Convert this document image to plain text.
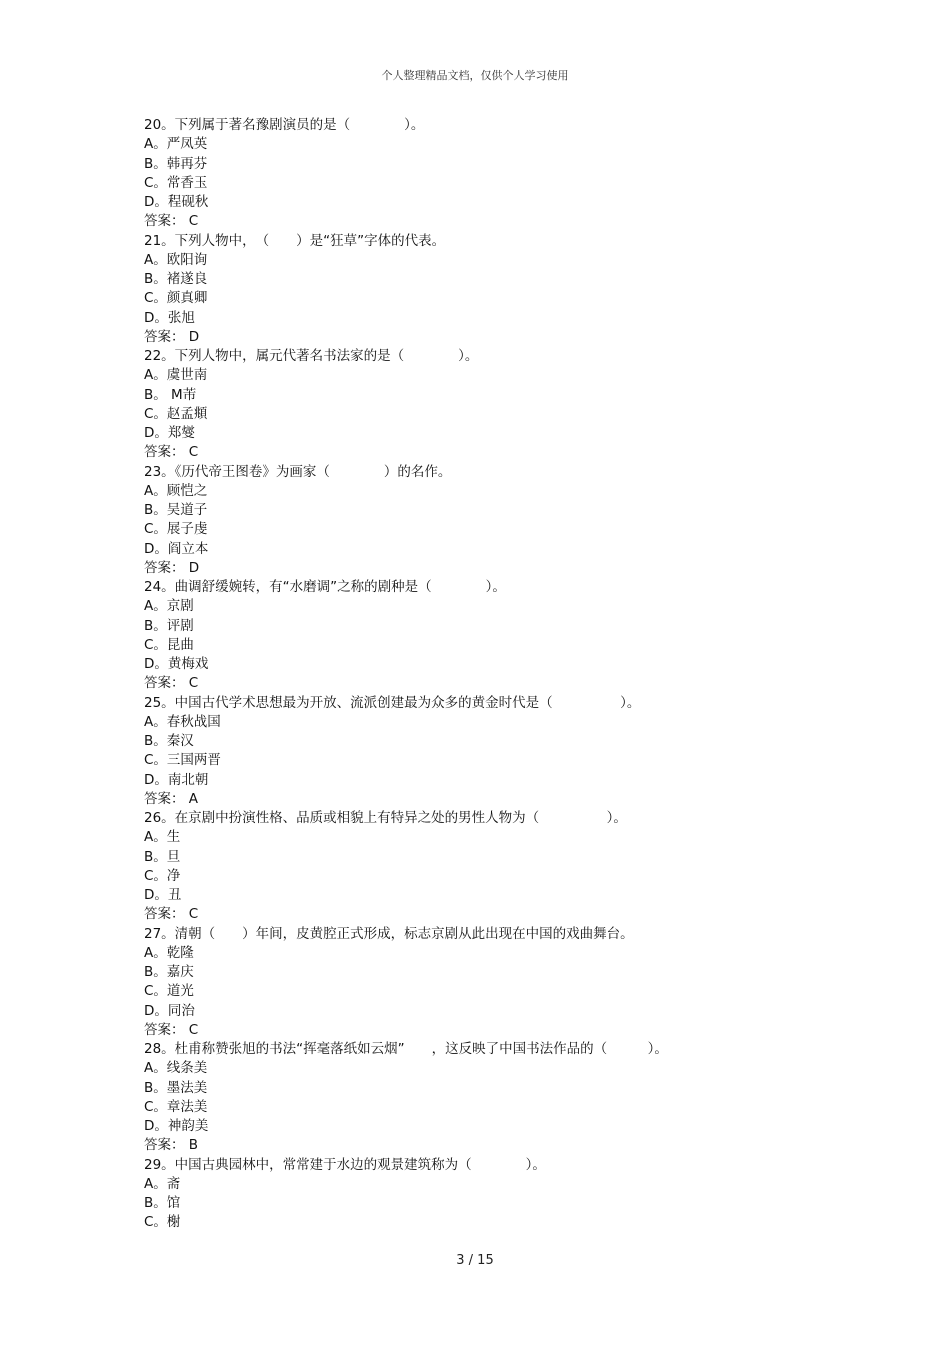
个人整理精品文档，仅供个人学习使用
20。下列属于著名豫剧演员的是（　　　　）。
A。严凤英
B。韩再芬
C。常香玉
D。程砚秋
答案： C
21。下列人物中，　（　　）是“狂草”字体的代表。
A。欧阳询
B。褚遂良
C。颜真卿
D。张旭
答案： D
22。下列人物中，属元代著名书法家的是（　　　　）。
A。虞世南
B。 M芾
C。赵孟頫
D。郑燮
答案： C
23。《历代帝王图卷》为画家（　　　　）的名作。
A。顾恺之
B。吴道子
C。展子虔
D。阎立本
答案： D
24。曲调舒缓婉转，有“水磨调”之称的剧种是（　　　　）。
A。京剧
B。评剧
C。昆曲
D。黄梅戏
答案： C
25。中国古代学术思想最为开放、流派创建最为众多的黄金时代是（　　　　　）。
A。春秋战国
B。秦汉
C。三国两晋
D。南北朝
答案： A
26。在京剧中扮演性格、品质或相貌上有特异之处的男性人物为（　　　　　）。
A。生
B。旦
C。净
D。丑
答案： C
27。清朝（　　）年间，皮黄腔正式形成，标志京剧从此出现在中国的戏曲舞台。
A。乾隆
B。嘉庆
C。道光
D。同治
答案： C
28。杜甫称赞张旭的书法“挥毫落纸如云烟”　　，这反映了中国书法作品的（　　　）。
A。线条美
B。墨法美
C。章法美
D。神韵美
答案： B
29。中国古典园林中，常常建于水边的观景建筑称为（　　　　）。
A。斋
B。馆
C。榭
3 / 15
